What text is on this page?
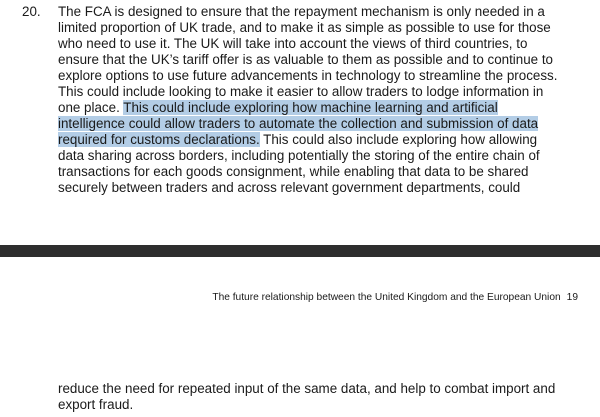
20. The FCA is designed to ensure that the repayment mechanism is only needed in a
limited proportion of UK trade, and to make it as simple as possible to use for those
who need to use it. The UK will take into account the views of third countries, to
ensure that the UK’s tariff offer is as valuable to them as possible and to continue to
explore options to use future advancements in technology to streamline the process.
This could include looking to make it easier to allow traders to lodge information in
one place. This could include exploring how machine learning and artificial
intelligence could allow traders to automate the collection and submission of data
required for customs declarations. This could also include exploring how allowing
data sharing across borders, including potentially the storing of the entire chain of
transactions for each goods consignment, while enabling that data to be shared
securely between traders and across relevant government departments, could
The future relationship between the United Kingdom and the European Union 19
reduce the need for repeated input of the same data, and help to combat import and
export fraud.
